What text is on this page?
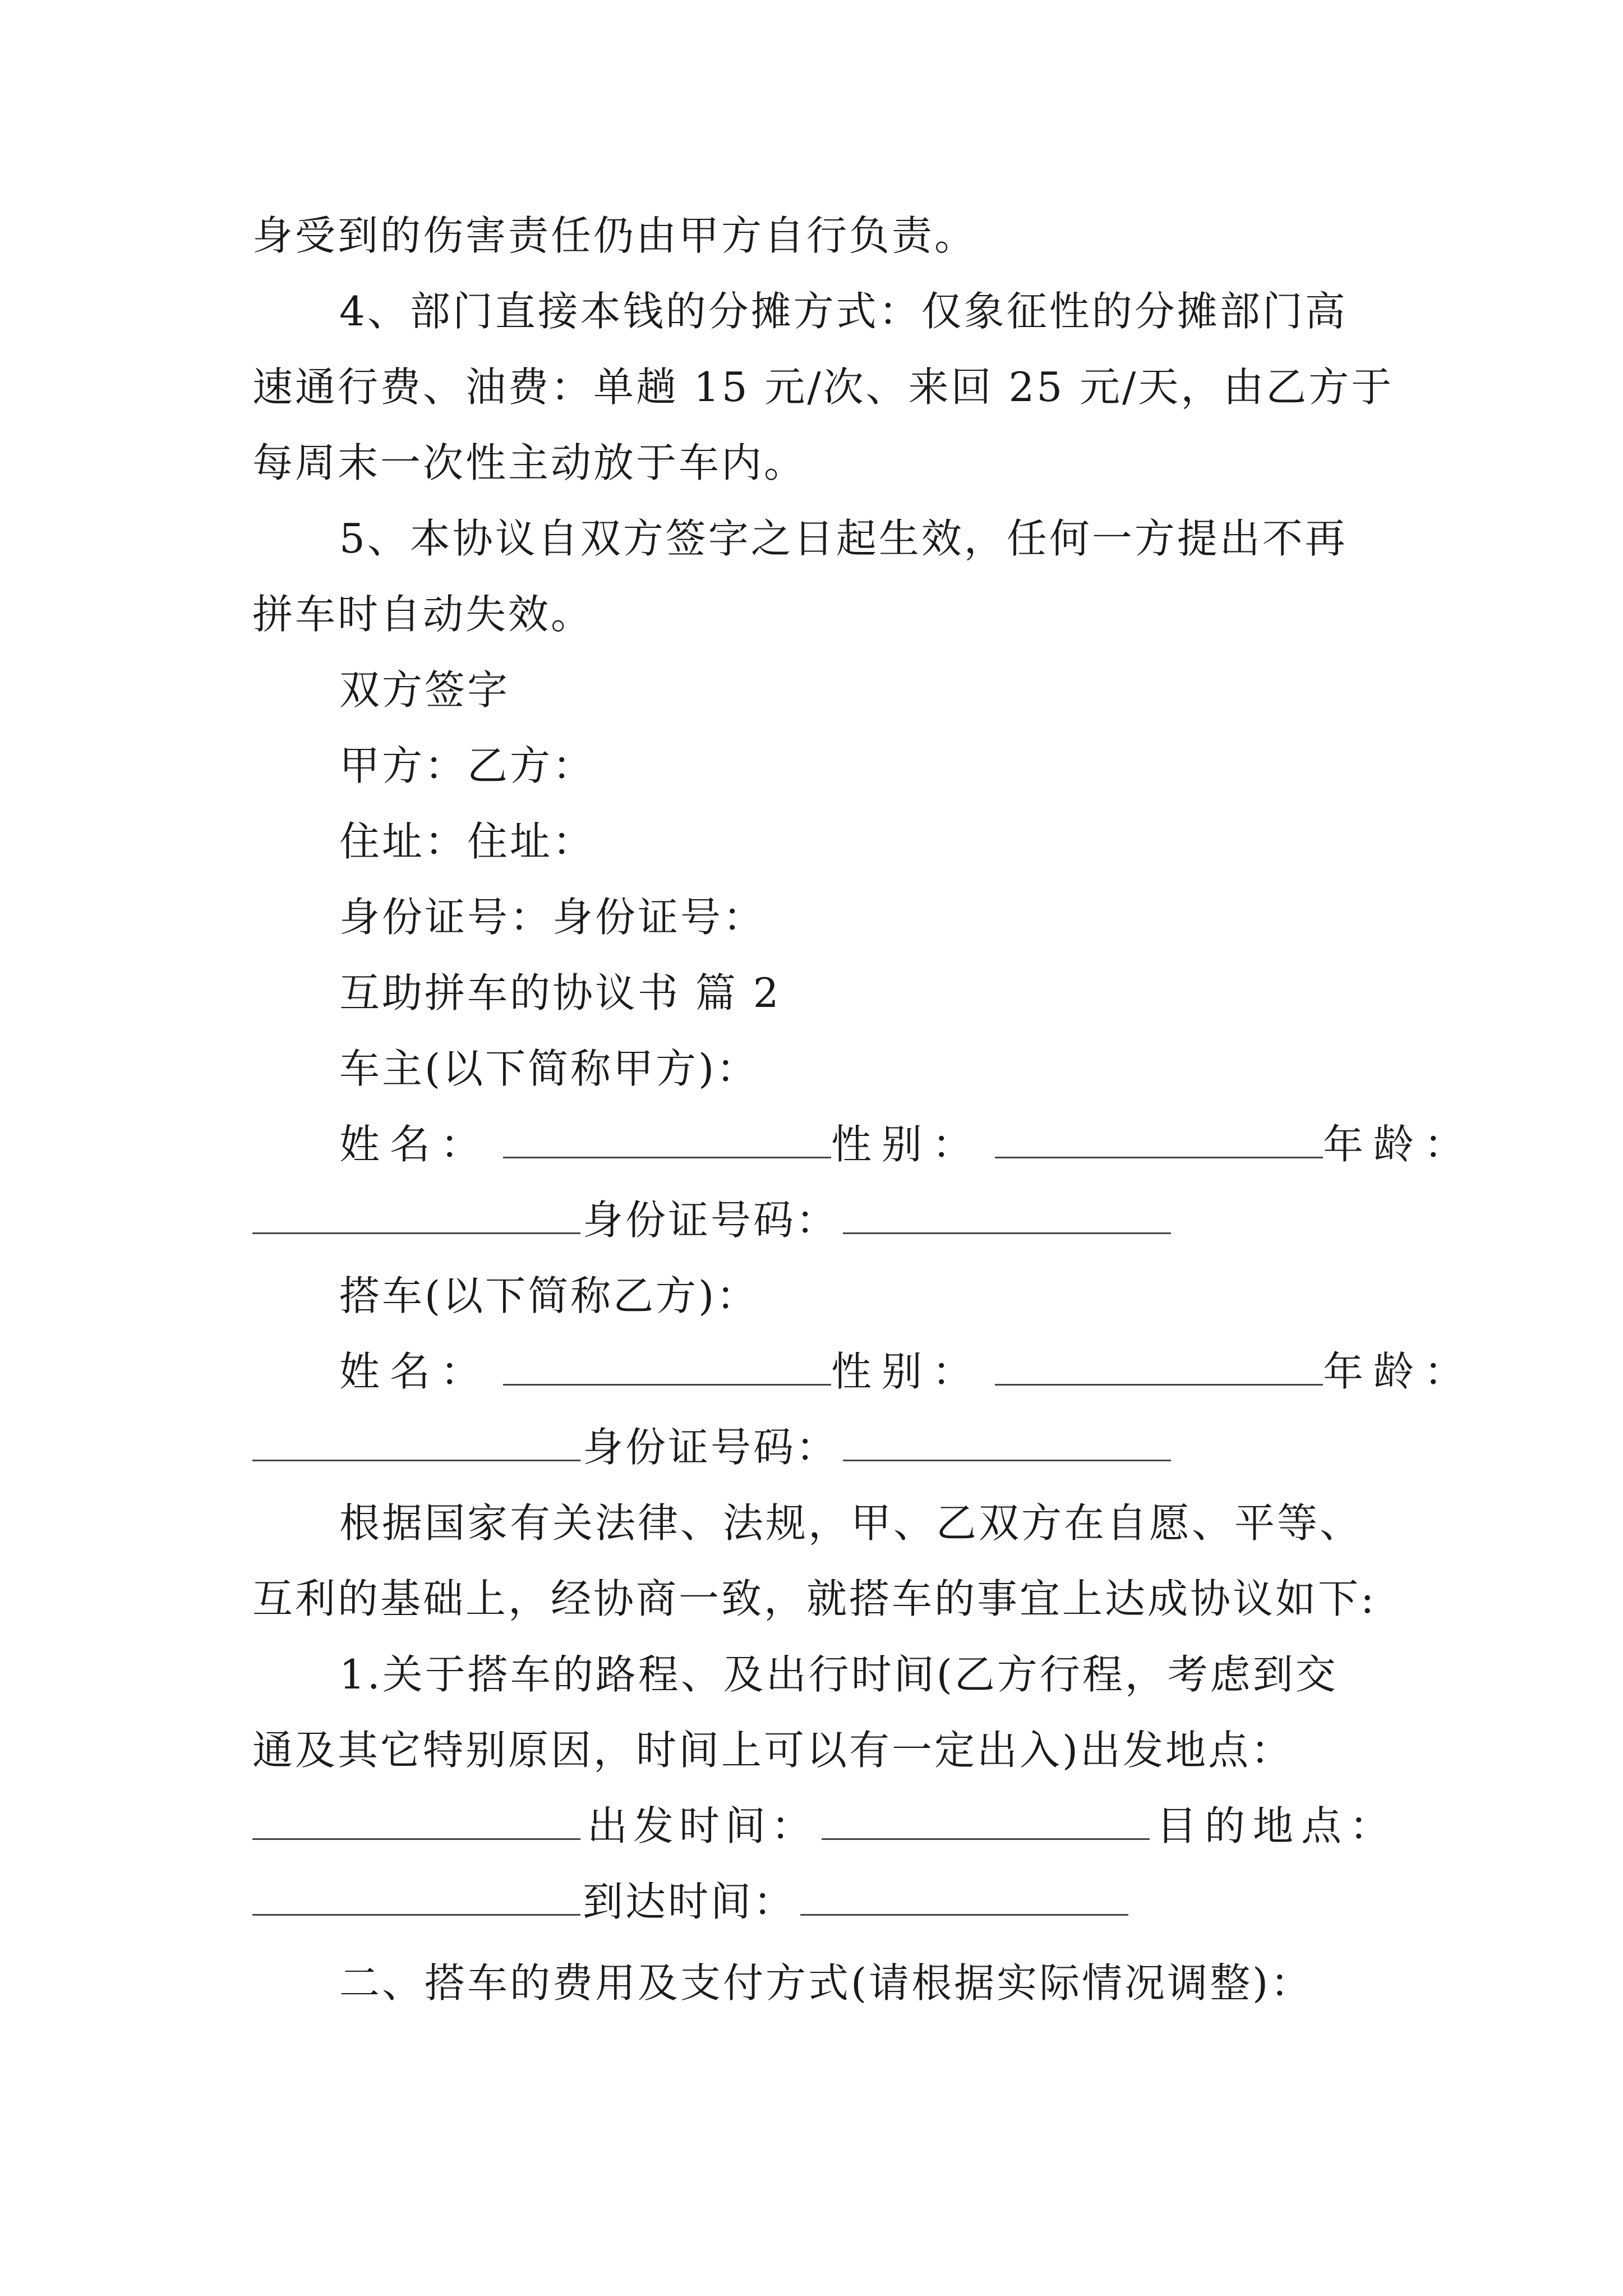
身受到的伤害责任仍由甲方自行负责。
4、部门直接本钱的分摊方式：仅象征性的分摊部门高
速通行费、油费：单趟 15 元/次、来回 25 元/天，由乙方于
每周末一次性主动放于车内。
5、本协议自双方签字之日起生效，任何一方提出不再
拼车时自动失效。
双方签字
甲方：乙方：
住址：住址：
身份证号：身份证号：
互助拼车的协议书 篇 2
车主(以下简称甲方)：
姓名：	性别：	年龄：
身份证号码：
搭车(以下简称乙方)：
姓名：	性别：	年龄：
身份证号码：
根据国家有关法律、法规，甲、乙双方在自愿、平等、
互利的基础上，经协商一致，就搭车的事宜上达成协议如下:
1.关于搭车的路程、及出行时间(乙方行程，考虑到交
通及其它特别原因，时间上可以有一定出入)出发地点：
出发时间：	目的地点：
到达时间：
二、搭车的费用及支付方式(请根据实际情况调整)：
